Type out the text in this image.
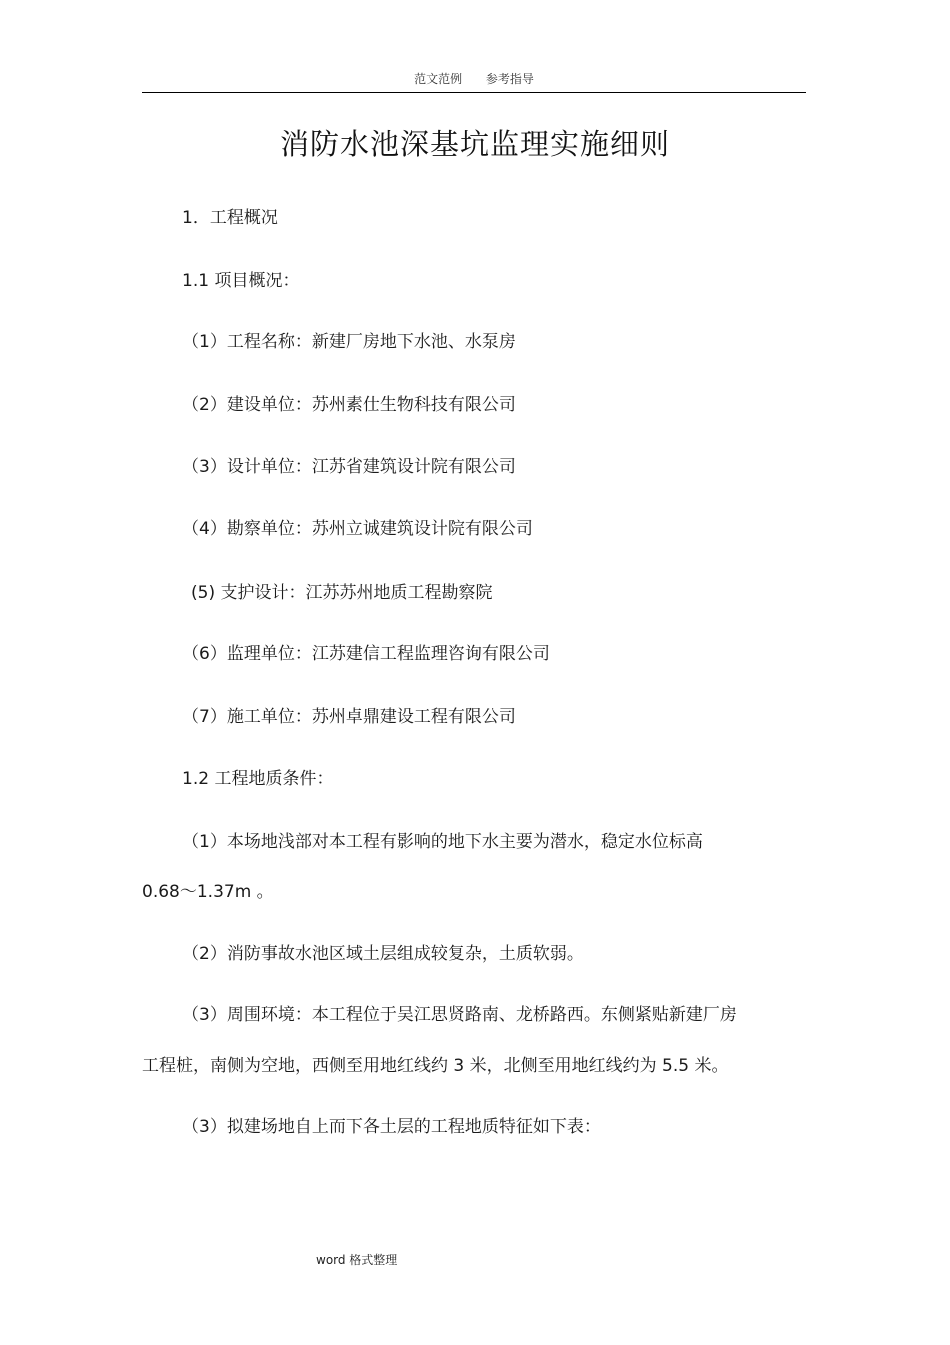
范文范例 参考指导
消防水池深基坑监理实施细则
1．工程概况
1.1 项目概况：
（1）工程名称：新建厂房地下水池、水泵房
（2）建设单位：苏州素仕生物科技有限公司
（3）设计单位：江苏省建筑设计院有限公司
（4）勘察单位：苏州立诚建筑设计院有限公司
(5) 支护设计：江苏苏州地质工程勘察院
（6）监理单位：江苏建信工程监理咨询有限公司
（7）施工单位：苏州卓鼎建设工程有限公司
1.2 工程地质条件：
（1）本场地浅部对本工程有影响的地下水主要为潜水，稳定水位标高
0.68～1.37m 。
（2）消防事故水池区域土层组成较复杂，土质软弱。
（3）周围环境：本工程位于吴江思贤路南、龙桥路西。东侧紧贴新建厂房
工程桩，南侧为空地，西侧至用地红线约 3 米，北侧至用地红线约为 5.5 米。
（3）拟建场地自上而下各土层的工程地质特征如下表：
word 格式整理
